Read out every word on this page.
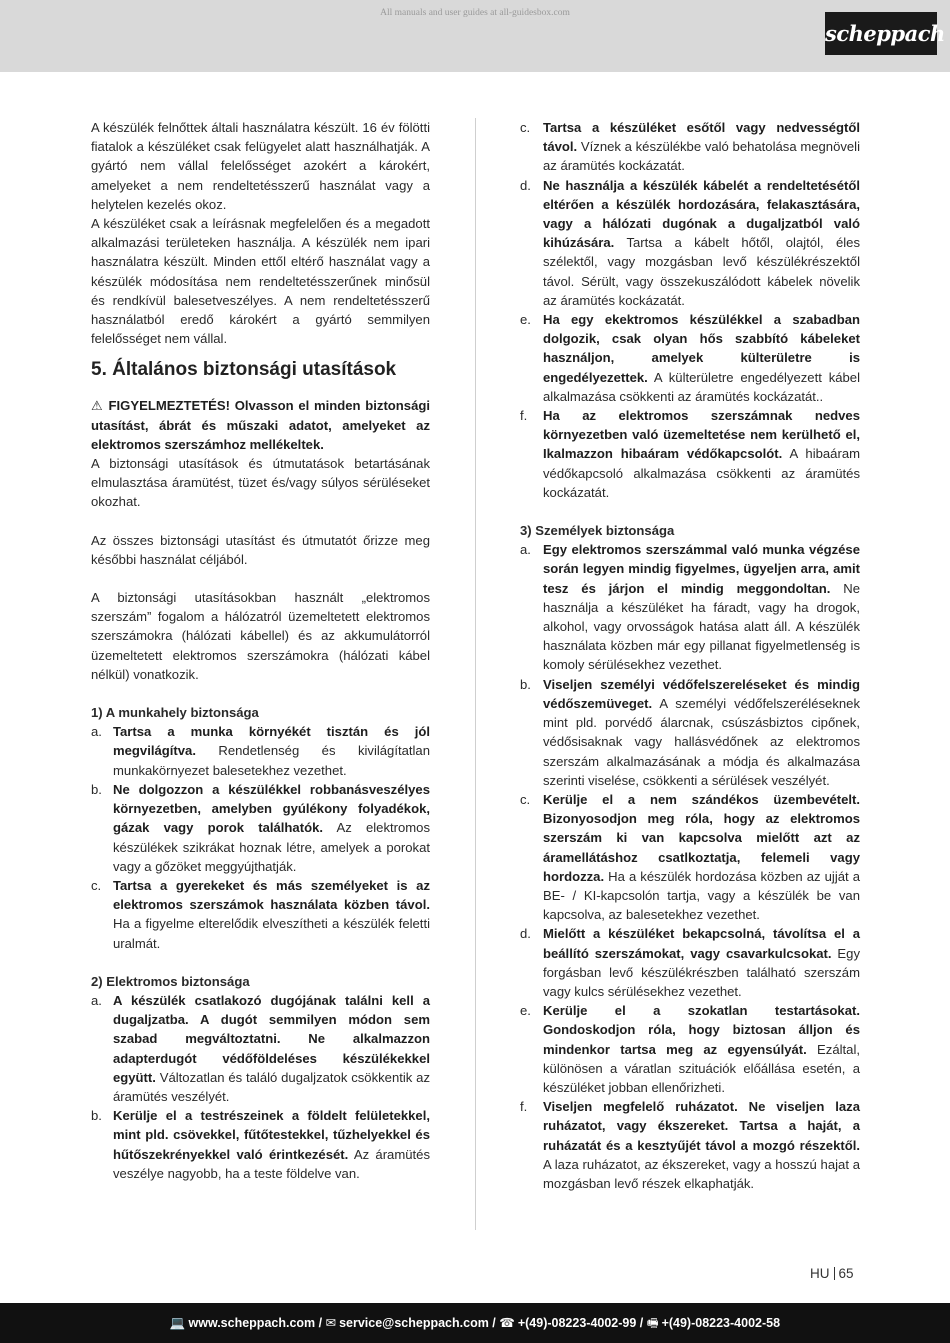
All manuals and user guides at all-guidesbox.com
scheppach

A készülék felnőttek általi használatra készült. 16 év fölötti fiatalok a készüléket csak felügyelet alatt használhatják. A gyártó nem vállal felelősséget azokért a károkért, amelyeket a nem rendeltetésszerű használat vagy a helytelen kezelés okoz.

A készüléket csak a leírásnak megfelelően és a megadott alkalmazási területeken használja. A készülék nem ipari használatra készült. Minden ettől eltérő használat vagy a készülék módosítása nem rendeltetésszerűnek minősül és rendkívül balesetveszélyes. A nem rendeltetésszerű használatból eredő károkért a gyártó semmilyen felelősséget nem vállal.

5. Általános biztonsági utasítások

⚠ FIGYELMEZTETÉS! Olvasson el minden biztonsági utasítást, ábrát és műszaki adatot, amelyeket az elektromos szerszámhoz mellékeltek.

A biztonsági utasítások és útmutatások betartásának elmulasztása áramütést, tüzet és/vagy súlyos sérüléseket okozhat.

Az összes biztonsági utasítást és útmutatót őrizze meg későbbi használat céljából.

A biztonsági utasításokban használt „elektromos szerszám” fogalom a hálózatról üzemeltetett elektromos szerszámokra (hálózati kábellel) és az akkumulátorról üzemeltetett elektromos szerszámokra (hálózati kábel nélkül) vonatkozik.

1) A munkahely biztonsága

a. Tartsa a munka környékét tisztán és jól megvilágítva. Rendetlenség és kivilágítatlan munkakörnyezet balesetekhez vezethet.
b. Ne dolgozzon a készülékkel robbanásveszélyes környezetben, amelyben gyúlékony folyadékok, gázak vagy porok találhatók. Az elektromos készülékek szikrákat hoznak létre, amelyek a porokat vagy a gőzöket meggyújthatják.
c. Tartsa a gyerekeket és más személyeket is az elektromos szerszámok használata közben távol. Ha a figyelme elterelődik elveszítheti a készülék feletti uralmát.

2) Elektromos biztonsága

a. A készülék csatlakozó dugójának találni kell a dugaljzatba. A dugót semmilyen módon sem szabad megváltoztatni. Ne alkalmazzon adapterdugót védőföldeléses készülékekkel együtt. Változatlan és találó dugaljzatok csökkentik az áramütés veszélyét.
b. Kerülje el a testrészeinek a földelt felületekkel, mint pld. csövekkel, fűtőtestekkel, tűzhelyekkel és hűtőszekrényekkel való érintkezését. Az áramütés veszélye nagyobb, ha a teste földelve van.
c. Tartsa a készüléket esőtől vagy nedvességtől távol. Víznek a készülékbe való behatolása megnöveli az áramütés kockázatát.
d. Ne használja a készülék kábelét a rendeltetésétől eltérően a készülék hordozására, felakasztására, vagy a hálózati dugónak a dugaljzatból való kihúzására. Tartsa a kábelt hőtől, olajtól, éles szélektől, vagy mozgásban levő készülékrészektől távol. Sérült, vagy összekuszálódott kábelek növelik az áramütés kockázatát.
e. Ha egy ekektromos készülékkel a szabadban dolgozik, csak olyan hős szabbító kábeleket használjon, amelyek külterületre is engedélyezettek. A külterületre engedélyezett kábel alkalmazása csökkenti az áramütés kockázatát..
f. Ha az elektromos szerszámnak nedves környezetben való üzemeltetése nem kerülhető el, Ikalmazzon hibaáram védőkapcsolót. A hibaáram védőkapcsoló alkalmazása csökkenti az áramütés kockázatát.

3) Személyek biztonsága

a. Egy elektromos szerszámmal való munka végzése során legyen mindig figyelmes, ügyeljen arra, amit tesz és járjon el mindig meggondoltan. Ne használja a készüléket ha fáradt, vagy ha drogok, alkohol, vagy orvosságok hatása alatt áll. A készülék használata közben már egy pillanat figyelmetlenség is komoly sérülésekhez vezethet.
b. Viseljen személyi védőfelszereléseket és mindig védőszemüveget. A személyi védőfelszeréléseknek mint pld. porvédő álarcnak, csúszásbiztos cipőnek, védősisaknak vagy hallásvédőnek az elektromos szerszám alkalmazásának a módja és alkalmazása szerinti viselése, csökkenti a sérülések veszélyét.
c. Kerülje el a nem szándékos üzembevételt. Bizonyosodjon meg róla, hogy az elektromos szerszám ki van kapcsolva mielőtt azt az áramellátáshoz csatlkoztatja, felemeli vagy hordozza. Ha a készülék hordozása közben az ujját a BE- / KI-kapcsolón tartja, vagy a készülék be van kapcsolva, az balesetekhez vezethet.
d. Mielőtt a készüléket bekapcsolná, távolítsa el a beállító szerszámokat, vagy csavarkulcsokat. Egy forgásban levő készülékrészben található szerszám vagy kulcs sérülésekhez vezethet.
e. Kerülje el a szokatlan testartásokat. Gondoskodjon róla, hogy biztosan álljon és mindenkor tartsa meg az egyensúlyát. Ezáltal, különösen a váratlan szituációk előállása esetén, a készüléket jobban ellenőrizheti.
f. Viseljen megfelelő ruházatot. Ne viseljen laza ruházatot, vagy ékszereket. Tartsa a haját, a ruházatát és a kesztyűjét távol a mozgó részektől. A laza ruházatot, az ékszereket, vagy a hosszú hajat a mozgásban levő részek elkaphatják.
HU 65
💻 www.scheppach.com / ✉ service@scheppach.com / ☎ +(49)-08223-4002-99 / 🖷 +(49)-08223-4002-58
